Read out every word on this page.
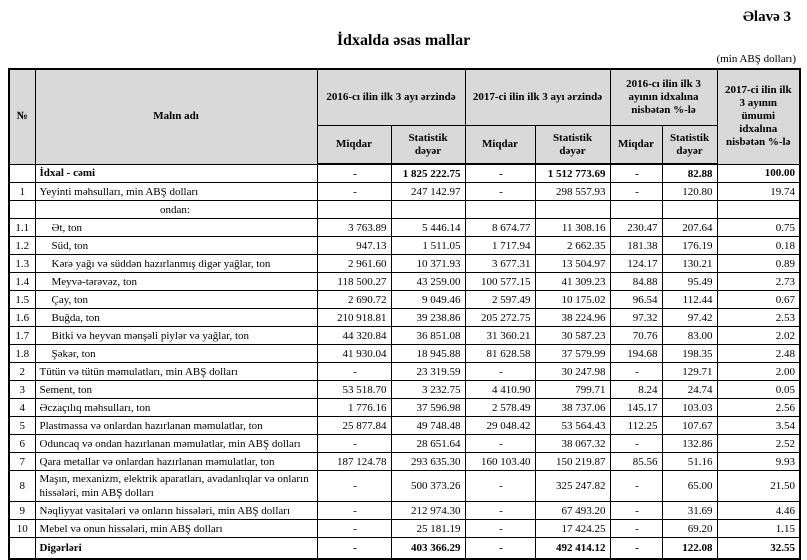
Əlavə 3
İdxalda əsas mallar
(min ABŞ dolları)
№	Malın adı	2016-cı ilin ilk 3 ayı ərzində		2017-ci ilin ilk 3 ayı ərzində		2016-cı ilin ilk 3 ayının idxalına nisbətən %-lə		2017-ci ilin ilk 3 ayının ümumi idxalına nisbətən %-lə
		Miqdar	Statistik dəyər	Miqdar	Statistik dəyər	Miqdar	Statistik dəyər	
	İdxal - cəmi	-	1 825 222.75	-	1 512 773.69	-	82.88	100.00
1	Yeyinti məhsulları, min ABŞ dolları	-	247 142.97	-	298 557.93	-	120.80	19.74
	ondan:							
1.1	Ət, ton	3 763.89	5 446.14	8 674.77	11 308.16	230.47	207.64	0.75
1.2	Süd, ton	947.13	1 511.05	1 717.94	2 662.35	181.38	176.19	0.18
1.3	Kərə yağı və süddən hazırlanmış digər yağlar, ton	2 961.60	10 371.93	3 677.31	13 504.97	124.17	130.21	0.89
1.4	Meyvə-tərəvəz, ton	118 500.27	43 259.00	100 577.15	41 309.23	84.88	95.49	2.73
1.5	Çay, ton	2 690.72	9 049.46	2 597.49	10 175.02	96.54	112.44	0.67
1.6	Buğda, ton	210 918.81	39 238.86	205 272.75	38 224.96	97.32	97.42	2.53
1.7	Bitki və heyvan mənşəli piylər və yağlar, ton	44 320.84	36 851.08	31 360.21	30 587.23	70.76	83.00	2.02
1.8	Şəkər, ton	41 930.04	18 945.88	81 628.58	37 579.99	194.68	198.35	2.48
2	Tütün və tütün məmulatları, min ABŞ dolları	-	23 319.59	-	30 247.98	-	129.71	2.00
3	Sement, ton	53 518.70	3 232.75	4 410.90	799.71	8.24	24.74	0.05
4	Əczaçılıq məhsulları, ton	1 776.16	37 596.98	2 578.49	38 737.06	145.17	103.03	2.56
5	Plastmassa və onlardan hazırlanan məmulatlar, ton	25 877.84	49 748.48	29 048.42	53 564.43	112.25	107.67	3.54
6	Oduncaq və ondan hazırlanan məmulatlar, min ABŞ dolları	-	28 651.64	-	38 067.32	-	132.86	2.52
7	Qara metallar və onlardan hazırlanan məmulatlar, ton	187 124.78	293 635.30	160 103.40	150 219.87	85.56	51.16	9.93
8	Maşın, mexanizm, elektrik aparatları, avadanlıqlar və onların hissələri, min ABŞ dolları	-	500 373.26	-	325 247.82	-	65.00	21.50
9	Nəqliyyat vasitələri və onların hissələri, min ABŞ dolları	-	212 974.30	-	67 493.20	-	31.69	4.46
10	Mebel və onun hissələri, min ABŞ dolları	-	25 181.19	-	17 424.25	-	69.20	1.15
	Digərləri	-	403 366.29	-	492 414.12	-	122.08	32.55
